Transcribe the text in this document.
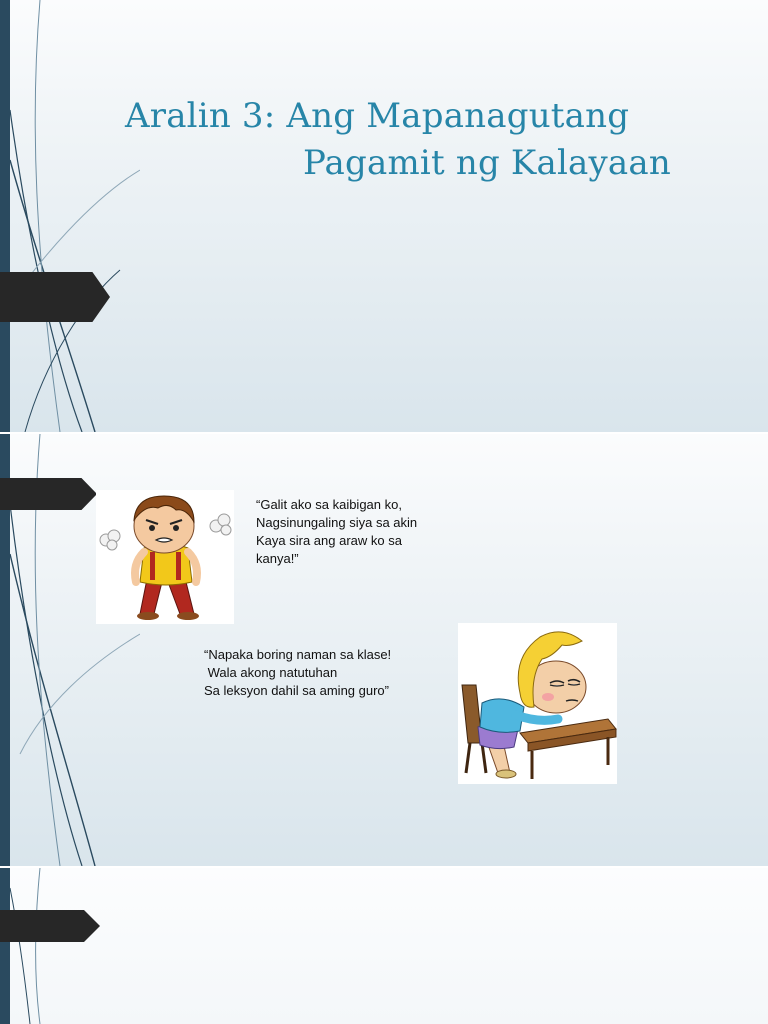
Aralin 3: Ang Mapanagutang
Pagamit ng Kalayaan
“Galit ako sa kaibigan ko,
Nagsinungaling siya sa akin
Kaya sira ang araw ko sa
kanya!”
“Napaka boring naman sa klase!
Wala akong natutuhan
Sa leksyon dahil sa aming guro”
